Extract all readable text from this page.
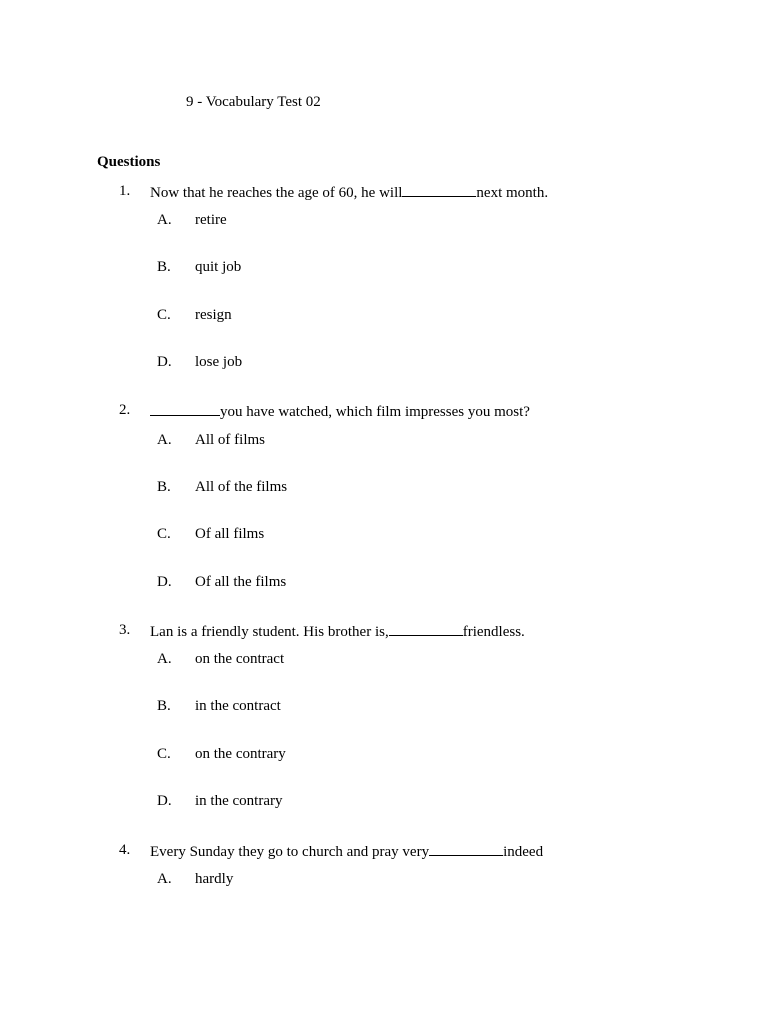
9 - Vocabulary Test 02
Questions
1. Now that he reaches the age of 60, he will	next month.
A. retire
B. quit job
C. resign
D. lose job
2.	you have watched, which film impresses you most?
A. All of films
B. All of the films
C. Of all films
D. Of all the films
3. Lan is a friendly student. His brother is,	friendless.
A. on the contract
B. in the contract
C. on the contrary
D. in the contrary
4. Every Sunday they go to church and pray very	indeed
A. hardly
